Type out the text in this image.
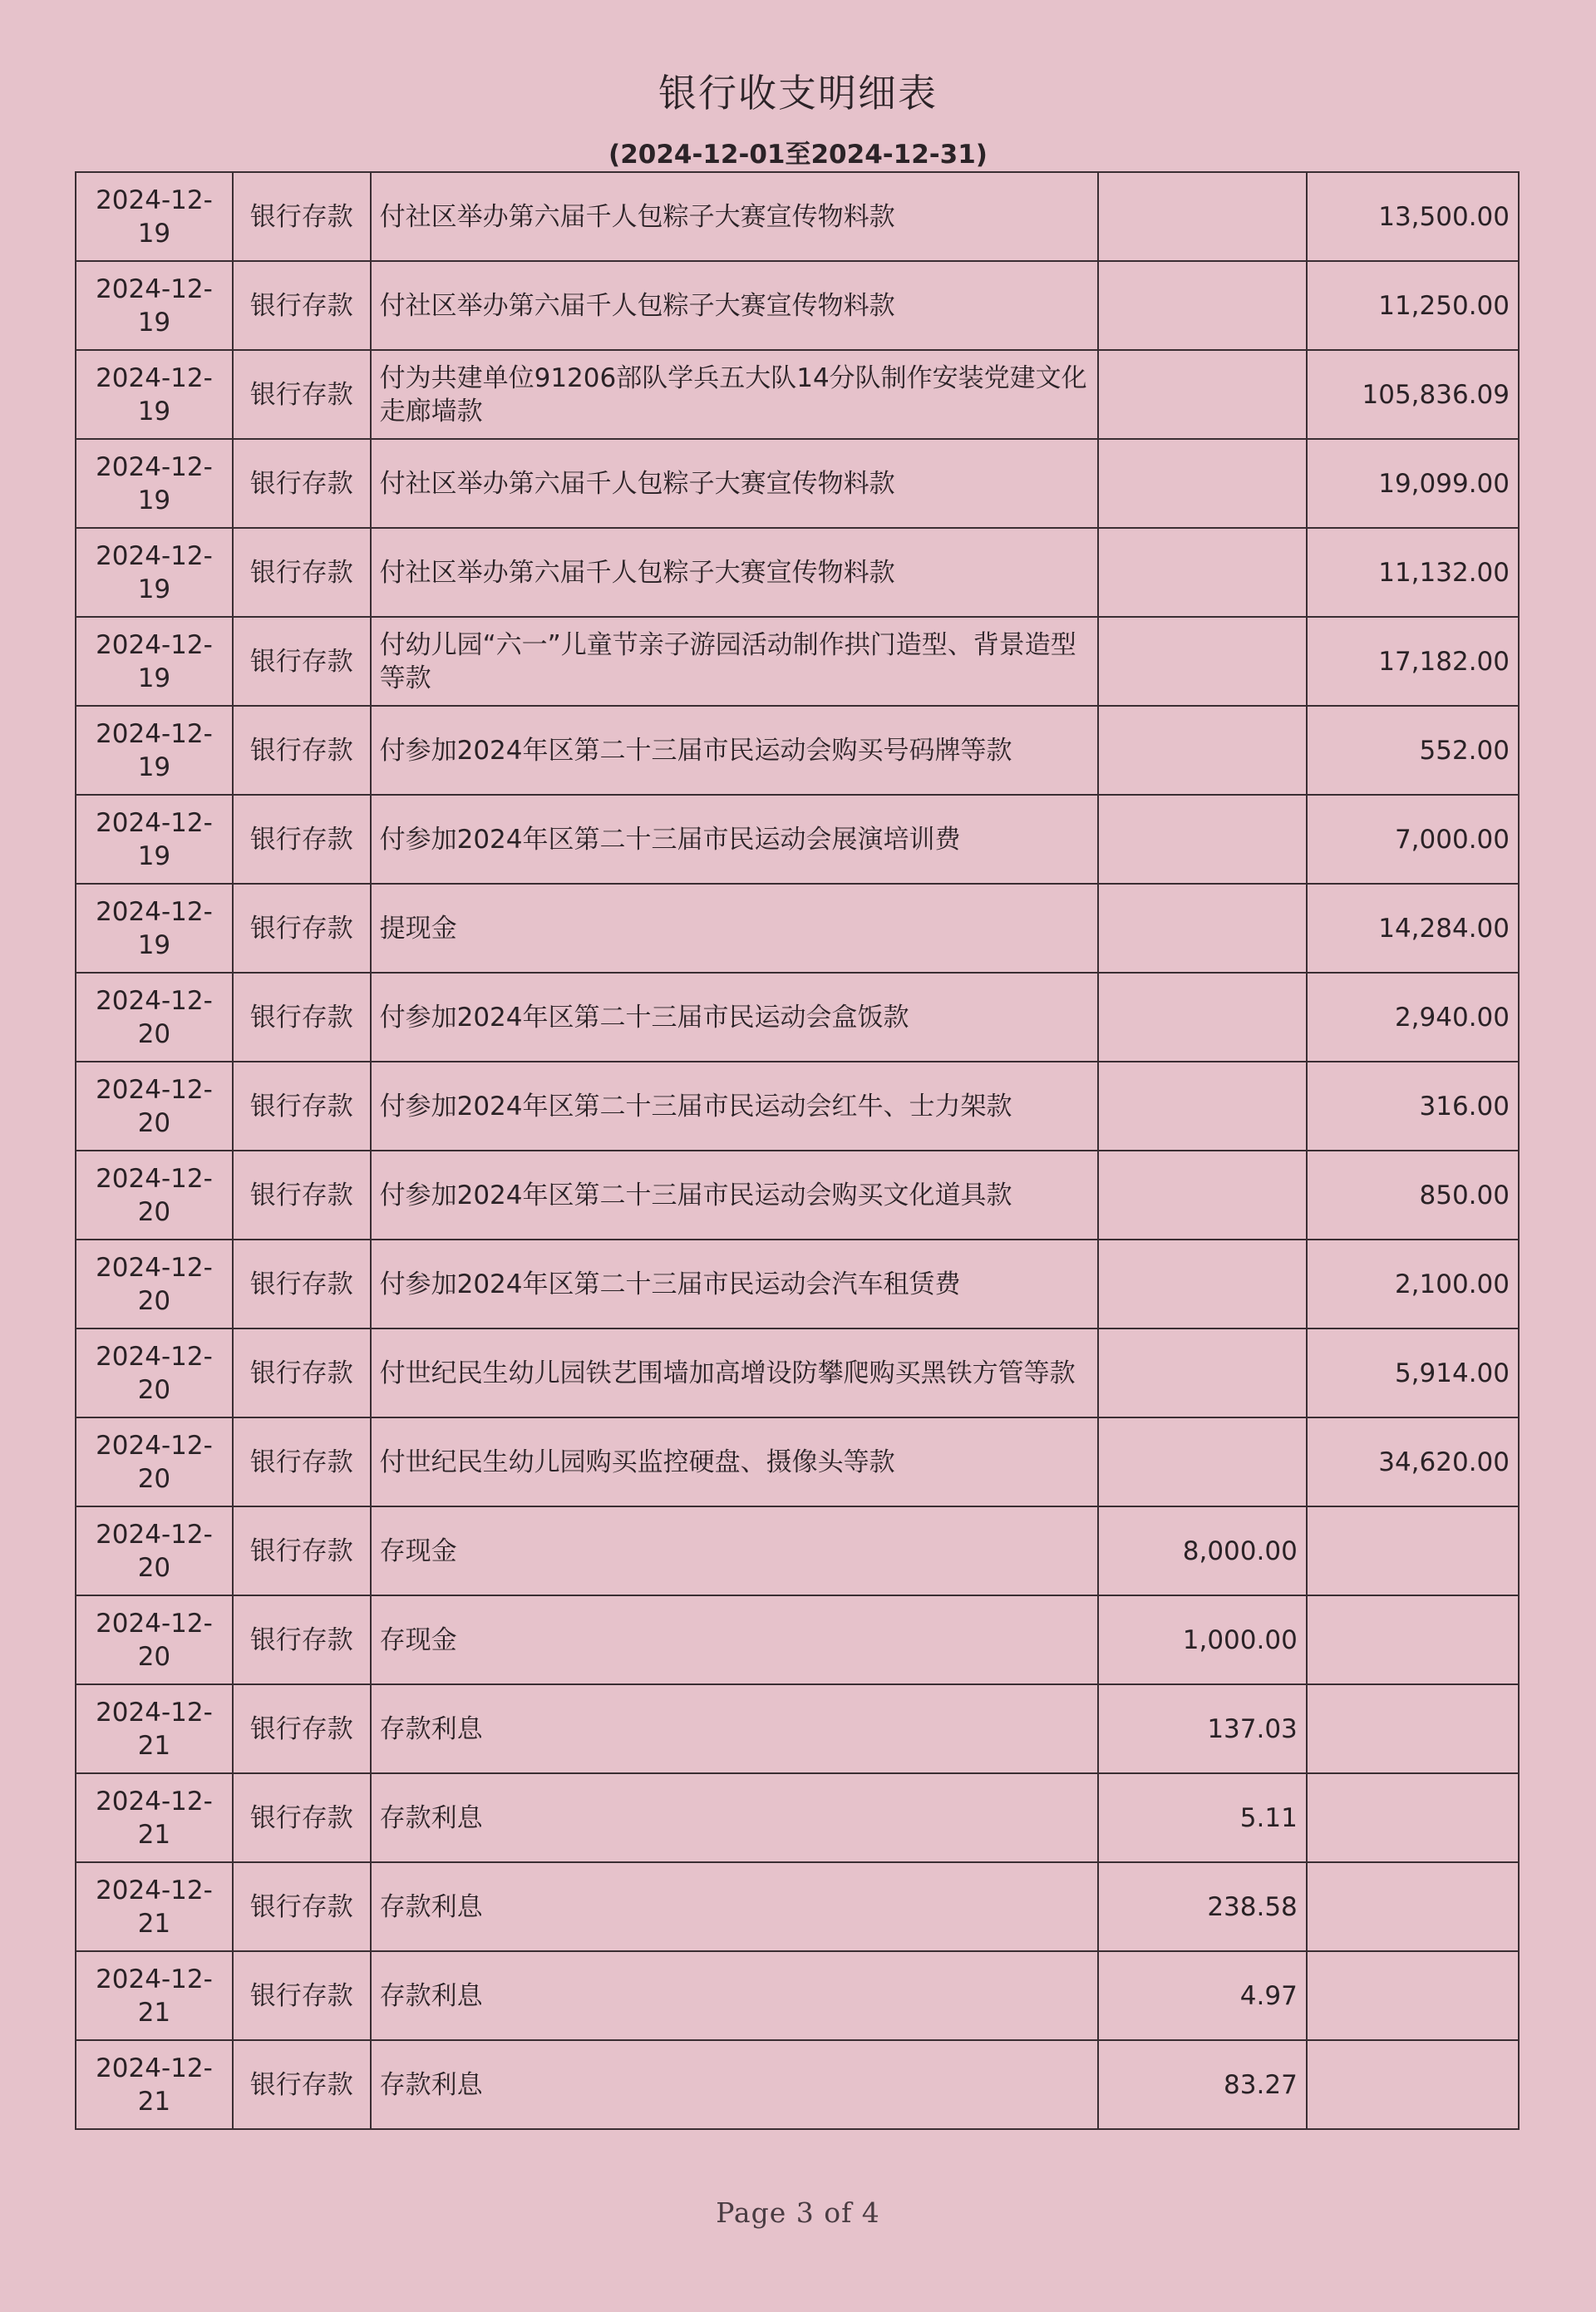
银行收支明细表
(2024-12-01至2024-12-31)
2024-12-19	银行存款	付社区举办第六届千人包粽子大赛宣传物料款		13,500.00
2024-12-19	银行存款	付社区举办第六届千人包粽子大赛宣传物料款		11,250.00
2024-12-19	银行存款	付为共建单位91206部队学兵五大队14分队制作安装党建文化走廊墙款		105,836.09
2024-12-19	银行存款	付社区举办第六届千人包粽子大赛宣传物料款		19,099.00
2024-12-19	银行存款	付社区举办第六届千人包粽子大赛宣传物料款		11,132.00
2024-12-19	银行存款	付幼儿园“六一”儿童节亲子游园活动制作拱门造型、背景造型等款		17,182.00
2024-12-19	银行存款	付参加2024年区第二十三届市民运动会购买号码牌等款		552.00
2024-12-19	银行存款	付参加2024年区第二十三届市民运动会展演培训费		7,000.00
2024-12-19	银行存款	提现金		14,284.00
2024-12-20	银行存款	付参加2024年区第二十三届市民运动会盒饭款		2,940.00
2024-12-20	银行存款	付参加2024年区第二十三届市民运动会红牛、士力架款		316.00
2024-12-20	银行存款	付参加2024年区第二十三届市民运动会购买文化道具款		850.00
2024-12-20	银行存款	付参加2024年区第二十三届市民运动会汽车租赁费		2,100.00
2024-12-20	银行存款	付世纪民生幼儿园铁艺围墙加高增设防攀爬购买黑铁方管等款		5,914.00
2024-12-20	银行存款	付世纪民生幼儿园购买监控硬盘、摄像头等款		34,620.00
2024-12-20	银行存款	存现金	8,000.00	
2024-12-20	银行存款	存现金	1,000.00	
2024-12-21	银行存款	存款利息	137.03	
2024-12-21	银行存款	存款利息	5.11	
2024-12-21	银行存款	存款利息	238.58	
2024-12-21	银行存款	存款利息	4.97	
2024-12-21	银行存款	存款利息	83.27	
Page 3 of 4
